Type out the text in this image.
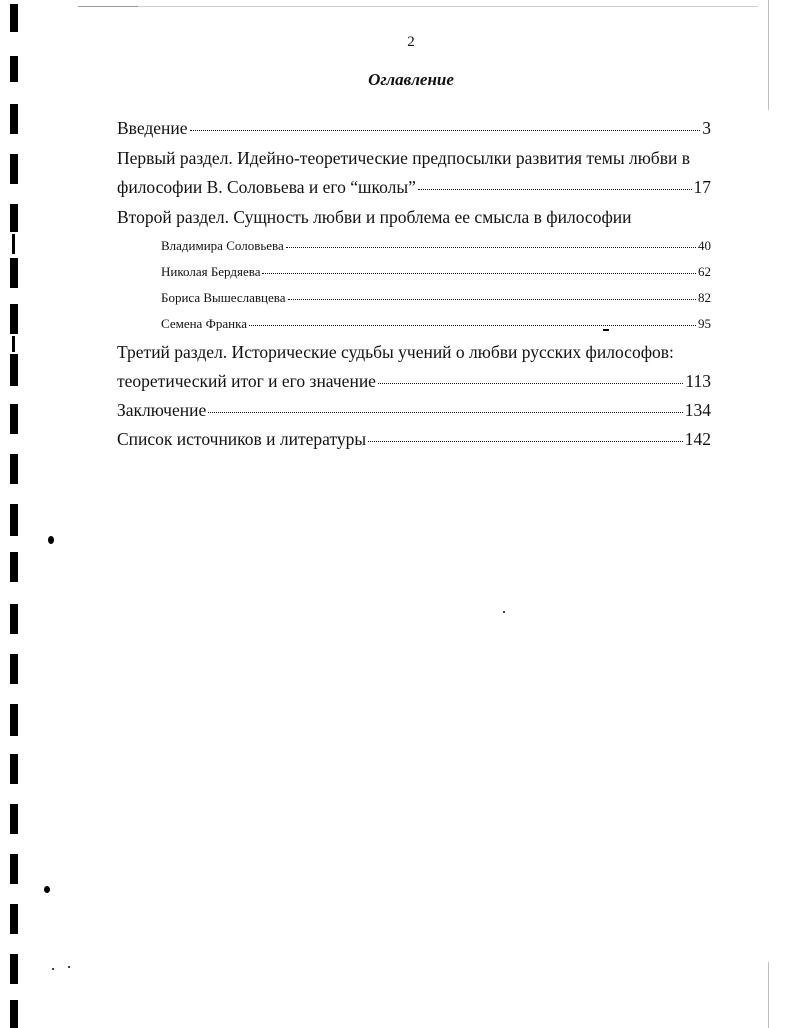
2
Оглавление
Введение	3
Первый раздел. Идейно-теоретические предпосылки развития темы любви в
философии В. Соловьева и его “школы”	17
Второй раздел. Сущность любви и проблема ее смысла в философии
Владимира Соловьева	40
Николая Бердяева	62
Бориса Вышеславцева	82
Семена Франка	95
Третий раздел. Исторические судьбы учений о любви русских философов:
теоретический итог и его значение	113
Заключение	134
Список источников и литературы	142
